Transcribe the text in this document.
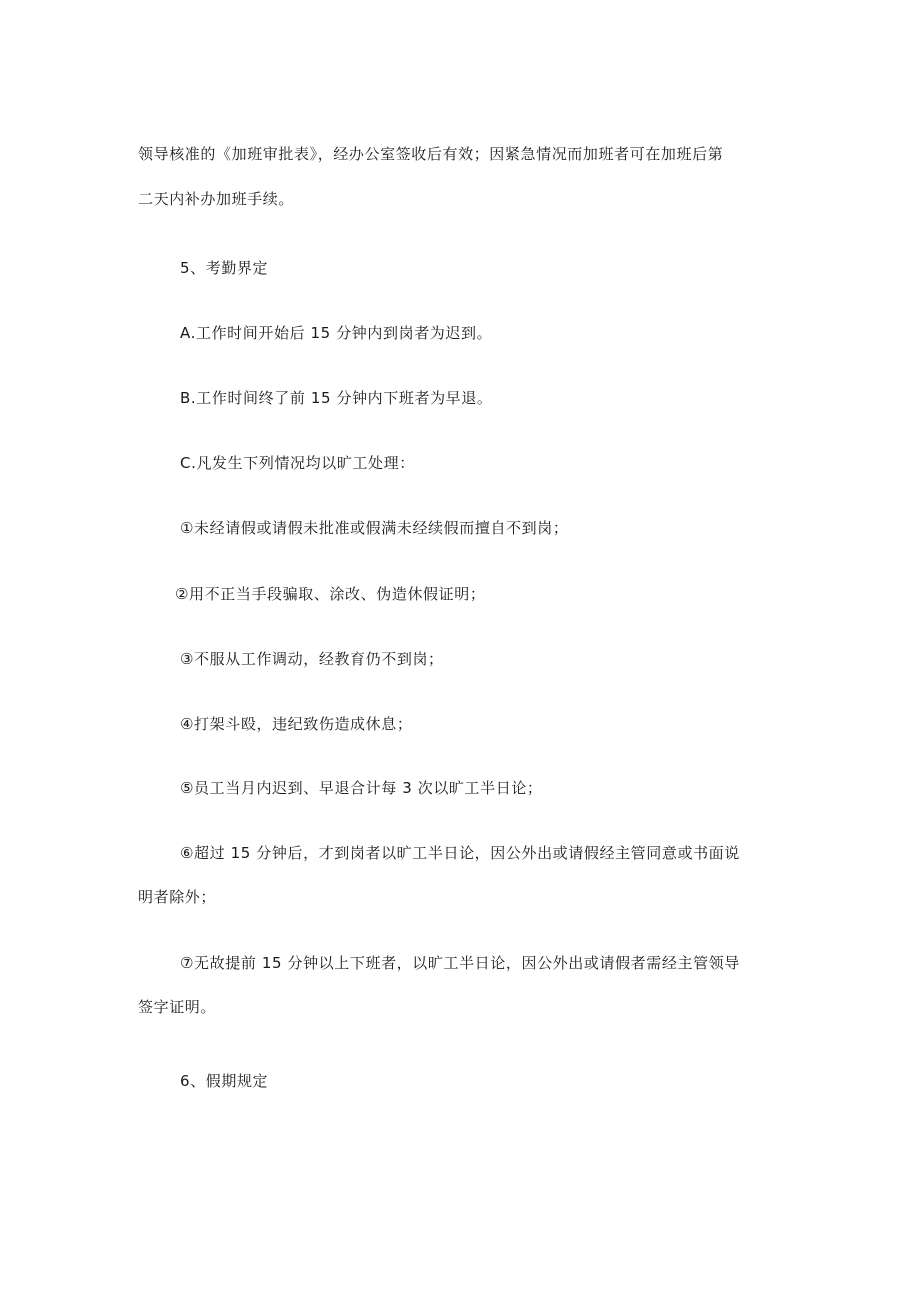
领导核准的《加班审批表》，经办公室签收后有效；因紧急情况而加班者可在加班后第
二天内补办加班手续。
5、考勤界定
A.工作时间开始后 15 分钟内到岗者为迟到。
B.工作时间终了前 15 分钟内下班者为早退。
C.凡发生下列情况均以旷工处理：
①未经请假或请假未批准或假满未经续假而擅自不到岗；
②用不正当手段骗取、涂改、伪造休假证明；
③不服从工作调动，经教育仍不到岗；
④打架斗殴，违纪致伤造成休息；
⑤员工当月内迟到、早退合计每 3 次以旷工半日论；
⑥超过 15 分钟后，才到岗者以旷工半日论，因公外出或请假经主管同意或书面说
明者除外；
⑦无故提前 15 分钟以上下班者，以旷工半日论，因公外出或请假者需经主管领导
签字证明。
6、假期规定
